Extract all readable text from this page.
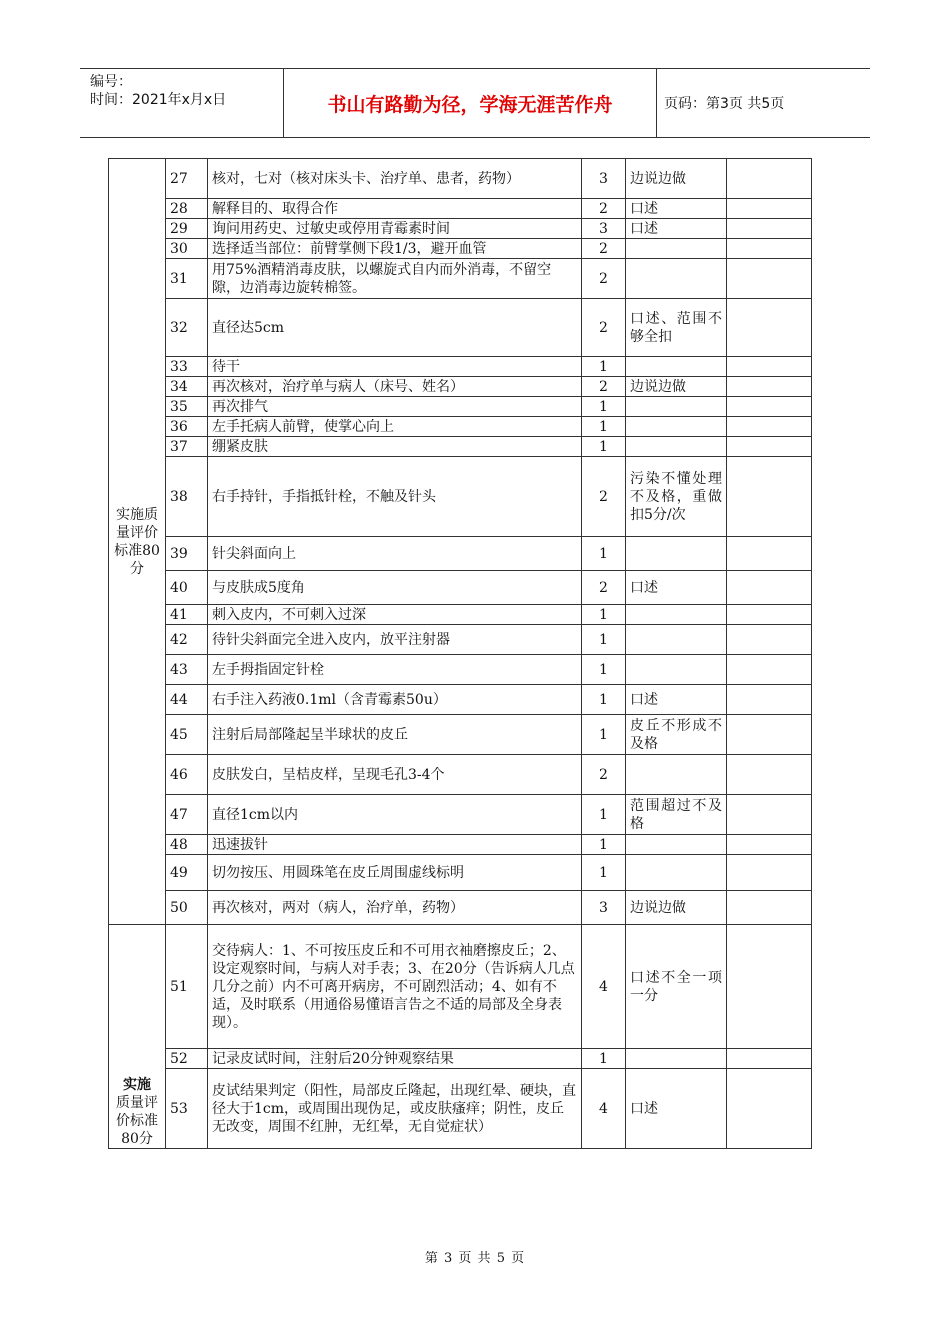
编号：
时间：2021年x月x日	书山有路勤为径，学海无涯苦作舟	页码：第3页 共5页
实施质量评价标准80分	27	核对，七对（核对床头卡、治疗单、患者，药物）	3	边说边做	
	28	解释目的、取得合作	2	口述	
	29	询问用药史、过敏史或停用青霉素时间	3	口述	
	30	选择适当部位：前臂掌侧下段1/3，避开血管	2		
	31	用75%酒精消毒皮肤，以螺旋式自内而外消毒，不留空隙，边消毒边旋转棉签。	2		
	32	直径达5cm	2	口述、范围不够全扣	
	33	待干	1		
	34	再次核对，治疗单与病人（床号、姓名）	2	边说边做	
	35	再次排气	1		
	36	左手托病人前臂，使掌心向上	1		
	37	绷紧皮肤	1		
	38	右手持针，手指抵针栓，不触及针头	2	污染不懂处理不及格，重做扣5分/次	
	39	针尖斜面向上	1		
	40	与皮肤成5度角	2	口述	
	41	刺入皮内，不可刺入过深	1		
	42	待针尖斜面完全进入皮内，放平注射器	1		
	43	左手拇指固定针栓	1		
	44	右手注入药液0.1ml（含青霉素50u）	1	口述	
	45	注射后局部隆起呈半球状的皮丘	1	皮丘不形成不及格	
	46	皮肤发白，呈桔皮样，呈现毛孔3-4个	2		
	47	直径1cm以内	1	范围超过不及格	
	48	迅速拔针	1		
	49	切勿按压、用圆珠笔在皮丘周围虚线标明	1		
	50	再次核对，两对（病人，治疗单，药物）	3	边说边做	

实施
质量评价标准80分	51	交待病人：1、不可按压皮丘和不可用衣袖磨擦皮丘；2、设定观察时间，与病人对手表；3、在20分（告诉病人几点几分之前）内不可离开病房，不可剧烈活动；4、如有不适，及时联系（用通俗易懂语言告之不适的局部及全身表现）。	4	口述不全一项一分	
	52	记录皮试时间，注射后20分钟观察结果	1		
	53	皮试结果判定（阳性，局部皮丘隆起，出现红晕、硬块，直径大于1cm，或周围出现伪足，或皮肤瘙痒；阴性，皮丘无改变，周围不红肿，无红晕，无自觉症状）	4	口述	
第 3 页 共 5 页
